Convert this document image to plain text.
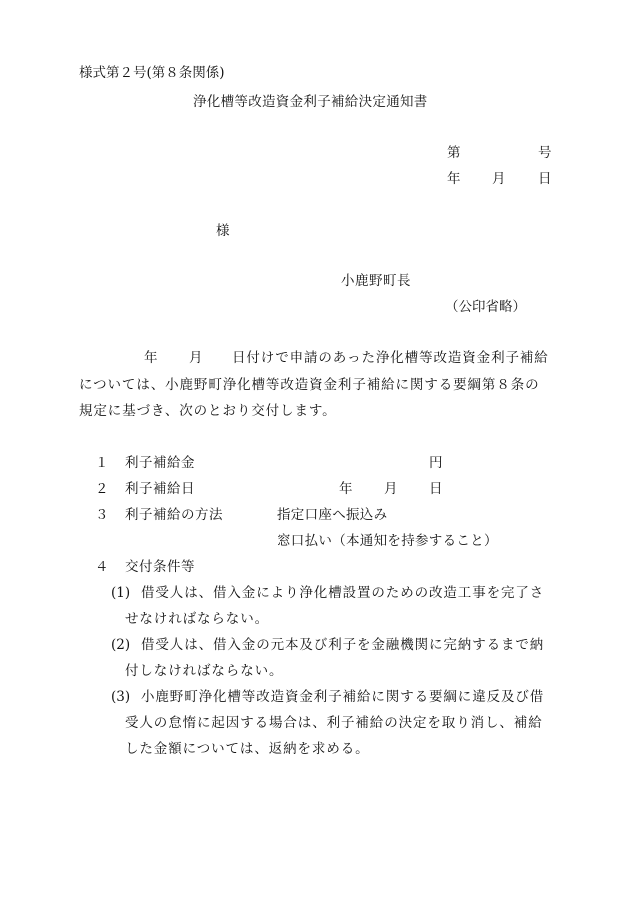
様式第２号(第８条関係)
浄化槽等改造資金利子補給決定通知書
第	号
年 月 日
様
小鹿野町長
（公印省略）
年 月 日付けで申請のあった浄化槽等改造資金利子補給
については、小鹿野町浄化槽等改造資金利子補給に関する要綱第８条の
規定に基づき、次のとおり交付します。
１ 利子補給金	円
２ 利子補給日	年 月 日
３ 利子補給の方法	指定口座へ振込み
窓口払い（本通知を持参すること）
４ 交付条件等
(1) 借受人は、借入金により浄化槽設置のための改造工事を完了さ
せなければならない。
(2) 借受人は、借入金の元本及び利子を金融機関に完納するまで納
付しなければならない。
(3) 小鹿野町浄化槽等改造資金利子補給に関する要綱に違反及び借
受人の怠惰に起因する場合は、利子補給の決定を取り消し、補給
した金額については、返納を求める。
